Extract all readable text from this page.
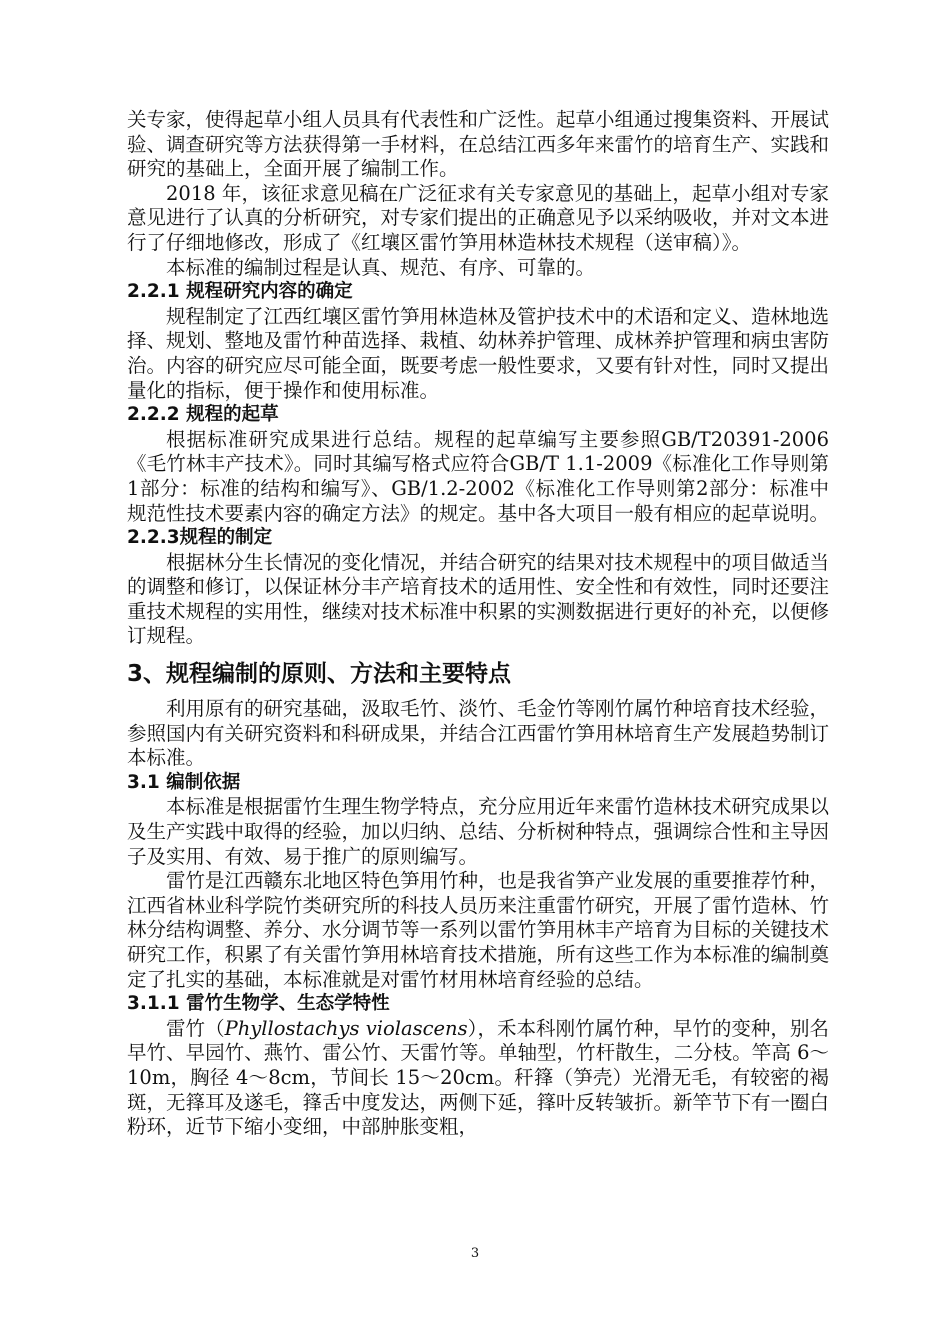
关专家，使得起草小组人员具有代表性和广泛性。起草小组通过搜集资料、开展试验、调查研究等方法获得第一手材料，在总结江西多年来雷竹的培育生产、实践和研究的基础上，全面开展了编制工作。

2018 年，该征求意见稿在广泛征求有关专家意见的基础上，起草小组对专家意见进行了认真的分析研究，对专家们提出的正确意见予以采纳吸收，并对文本进行了仔细地修改，形成了《红壤区雷竹笋用林造林技术规程（送审稿）》。

本标准的编制过程是认真、规范、有序、可靠的。

2.2.1 规程研究内容的确定

规程制定了江西红壤区雷竹笋用林造林及管护技术中的术语和定义、造林地选择、规划、整地及雷竹种苗选择、栽植、幼林养护管理、成林养护管理和病虫害防治。内容的研究应尽可能全面，既要考虑一般性要求，又要有针对性，同时又提出量化的指标，便于操作和使用标准。

2.2.2 规程的起草

根据标准研究成果进行总结。规程的起草编写主要参照GB/T20391-2006《毛竹林丰产技术》。同时其编写格式应符合GB/T 1.1-2009《标准化工作导则第1部分：标准的结构和编写》、GB/1.2-2002《标准化工作导则第2部分：标准中规范性技术要素内容的确定方法》的规定。基中各大项目一般有相应的起草说明。

2.2.3规程的制定

根据林分生长情况的变化情况，并结合研究的结果对技术规程中的项目做适当的调整和修订，以保证林分丰产培育技术的适用性、安全性和有效性，同时还要注重技术规程的实用性，继续对技术标准中积累的实测数据进行更好的补充，以便修订规程。

3、规程编制的原则、方法和主要特点

利用原有的研究基础，汲取毛竹、淡竹、毛金竹等刚竹属竹种培育技术经验，参照国内有关研究资料和科研成果，并结合江西雷竹笋用林培育生产发展趋势制订本标准。

3.1 编制依据

本标准是根据雷竹生理生物学特点，充分应用近年来雷竹造林技术研究成果以及生产实践中取得的经验，加以归纳、总结、分析树种特点，强调综合性和主导因子及实用、有效、易于推广的原则编写。

雷竹是江西赣东北地区特色笋用竹种，也是我省笋产业发展的重要推荐竹种，江西省林业科学院竹类研究所的科技人员历来注重雷竹研究，开展了雷竹造林、竹林分结构调整、养分、水分调节等一系列以雷竹笋用林丰产培育为目标的关键技术研究工作，积累了有关雷竹笋用林培育技术措施，所有这些工作为本标准的编制奠定了扎实的基础，本标准就是对雷竹材用林培育经验的总结。

3.1.1 雷竹生物学、生态学特性

雷竹（Phyllostachys violascens），禾本科刚竹属竹种，早竹的变种，别名早竹、早园竹、燕竹、雷公竹、天雷竹等。单轴型，竹杆散生，二分枝。竿高 6～10m，胸径 4～8cm，节间长 15～20cm。秆箨（笋壳）光滑无毛，有较密的褐斑，无箨耳及遂毛，箨舌中度发达，两侧下延，箨叶反转皱折。新竿节下有一圈白粉环，近节下缩小变细，中部肿胀变粗，

3
